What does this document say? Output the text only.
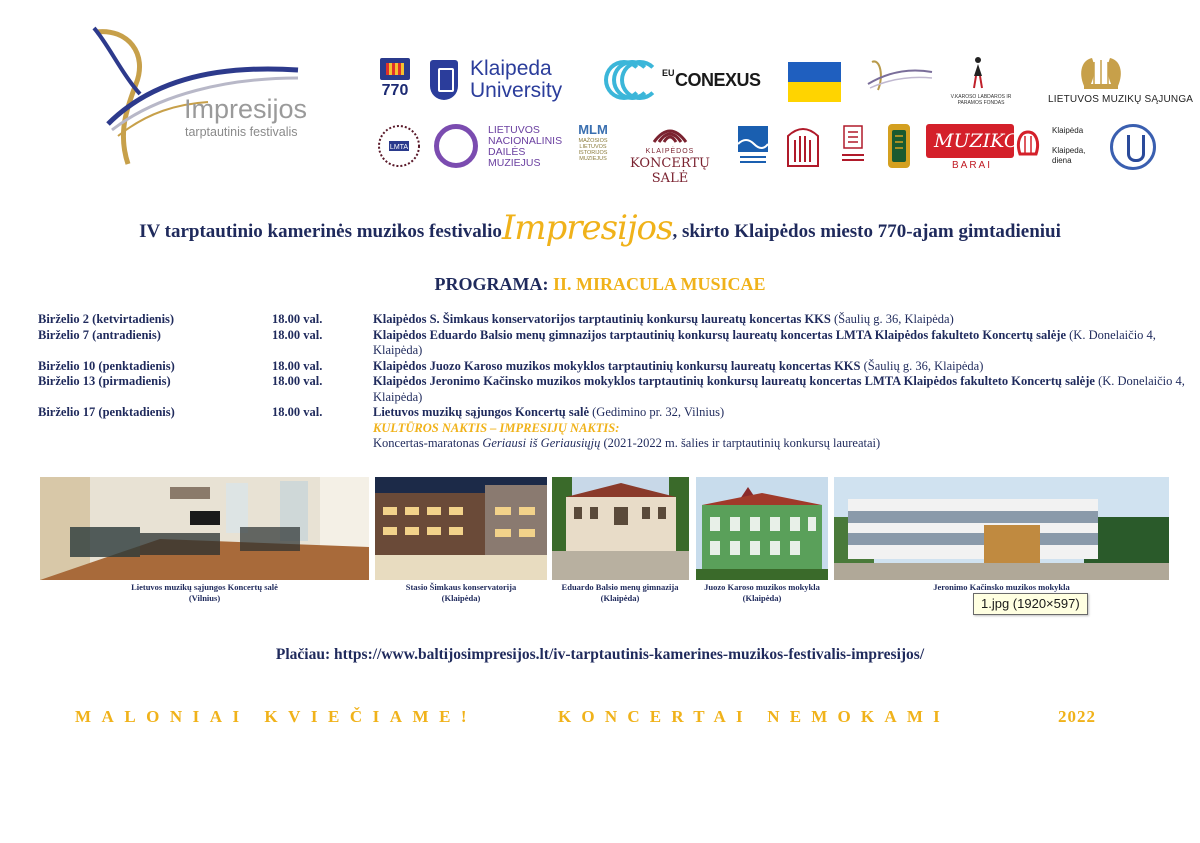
Impresijos
tarptautinis festivalis
770
Klaipeda
University
EU CONEXUS
V.KAROSO LABDAROS IR
PARAMOS FONDAS	LIETUVOS MUZIKŲ SĄJUNGA
LMTA
LIETUVOS
NACIONALINIS
DAILĖS
MUZIEJUS
MLM
MAŽOSIOS
LIETUVOS
ISTORIJOS
MUZIEJUS
KLAIPĖDOS
KONCERTŲ SALĖ
MUZIKOS
BARAI
Klaipėda

Klaipeda,
diena
IV tarptautinio kamerinės muzikos festivalioImpresijos, skirto Klaipėdos miesto 770-ajam gimtadieniui
PROGRAMA: II. MIRACULA MUSICAE
Birželio 2 (ketvirtadienis)	18.00 val.	Klaipėdos S. Šimkaus konservatorijos tarptautinių konkursų laureatų koncertas KKS (Šaulių g. 36, Klaipėda)
Birželio 7 (antradienis)	18.00 val.	Klaipėdos Eduardo Balsio menų gimnazijos tarptautinių konkursų laureatų koncertas LMTA Klaipėdos fakulteto Koncertų salėje (K. Donelaičio 4, Klaipėda)
Birželio 10 (penktadienis)	18.00 val.	Klaipėdos Juozo Karoso muzikos mokyklos tarptautinių konkursų laureatų koncertas KKS (Šaulių g. 36, Klaipėda)
Birželio 13 (pirmadienis)	18.00 val.	Klaipėdos Jeronimo Kačinsko muzikos mokyklos tarptautinių konkursų laureatų koncertas LMTA Klaipėdos fakulteto Koncertų salėje (K. Donelaičio 4, Klaipėda)
Birželio 17 (penktadienis)	18.00 val.	Lietuvos muzikų sąjungos Koncertų salė (Gedimino pr. 32, Vilnius)
KULTŪROS NAKTIS – IMPRESIJŲ NAKTIS:
Koncertas-maratonas Geriausi iš Geriausiųjų (2021-2022 m. šalies ir tarptautinių konkursų laureatai)
Lietuvos muzikų sąjungos Koncertų salė
(Vilnius)
Stasio Šimkaus konservatorija
(Klaipėda)
Eduardo Balsio menų gimnazija
(Klaipėda)
Juozo Karoso muzikos mokykla
(Klaipėda)
Jeronimo Kačinsko muzikos mokykla
1.jpg (1920×597)
Plačiau: https://www.baltijosimpresijos.lt/iv-tarptautinis-kamerines-muzikos-festivalis-impresijos/
MALONIAI KVIEČIAME!	KONCERTAI NEMOKAMI	2022
